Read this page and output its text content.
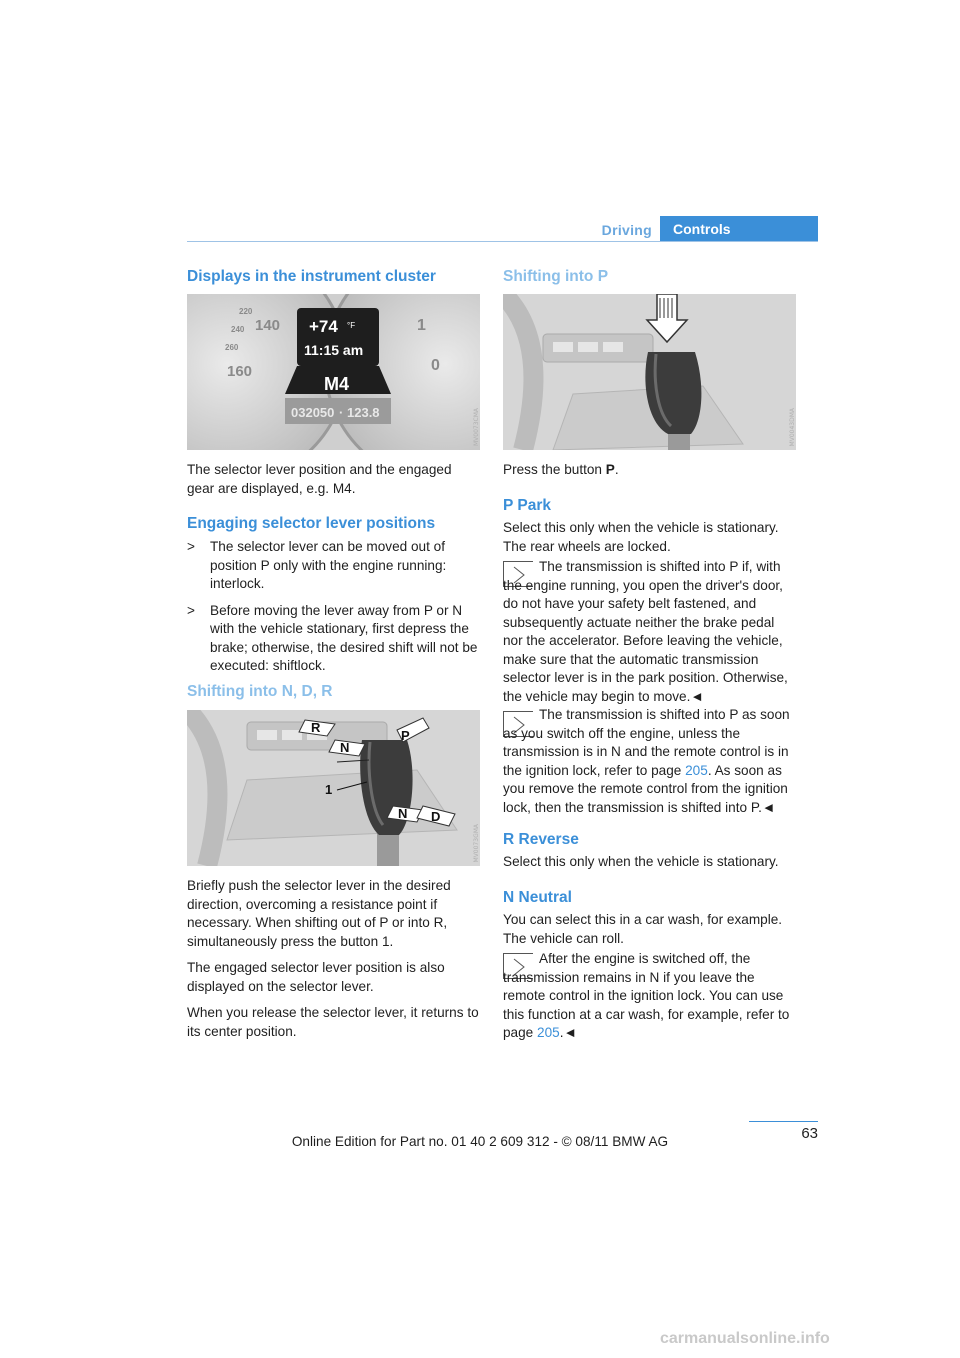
Driving	Controls
Displays in the instrument cluster
140
160
220
240
260
1
0
+74 °F
11:15 am
M4
032050 · 123.8	MV0073CMA
The selector lever position and the engaged gear are displayed, e.g. M4.
Engaging selector lever positions
>	The selector lever can be moved out of position P only with the engine running: interlock.
>	Before moving the lever away from P or N with the vehicle stationary, first depress the brake; otherwise, the desired shift will not be executed: shiftlock.
Shifting into N, D, R
R
N
P
N D
1
MV0073GMA

Briefly push the selector lever in the desired direction, overcoming a resistance point if necessary. When shifting out of P or into R, simultaneously press the button 1.

The engaged selector lever position is also displayed on the selector lever.

When you release the selector lever, it returns to its center position.

Shifting into P
MV0043DMA
Press the button P.
P Park
Select this only when the vehicle is stationary. The rear wheels are locked.
The transmission is shifted into P if, with the engine running, you open the driver's door, do not have your safety belt fastened, and subsequently actuate neither the brake pedal nor the accelerator. Before leaving the vehicle, make sure that the automatic transmission selector lever is in the park position. Otherwise, the vehicle may begin to move.◄
The transmission is shifted into P as soon as you switch off the engine, unless the transmission is in N and the remote control is in the ignition lock, refer to page 205. As soon as you remove the remote control from the ignition lock, then the transmission is shifted into P.◄
R Reverse
Select this only when the vehicle is stationary.
N Neutral
You can select this in a car wash, for example. The vehicle can roll.
After the engine is switched off, the transmission remains in N if you leave the remote control in the ignition lock. You can use this function at a car wash, for example, refer to page 205.◄
63
Online Edition for Part no. 01 40 2 609 312 - © 08/11 BMW AG
carmanualsonline.info
